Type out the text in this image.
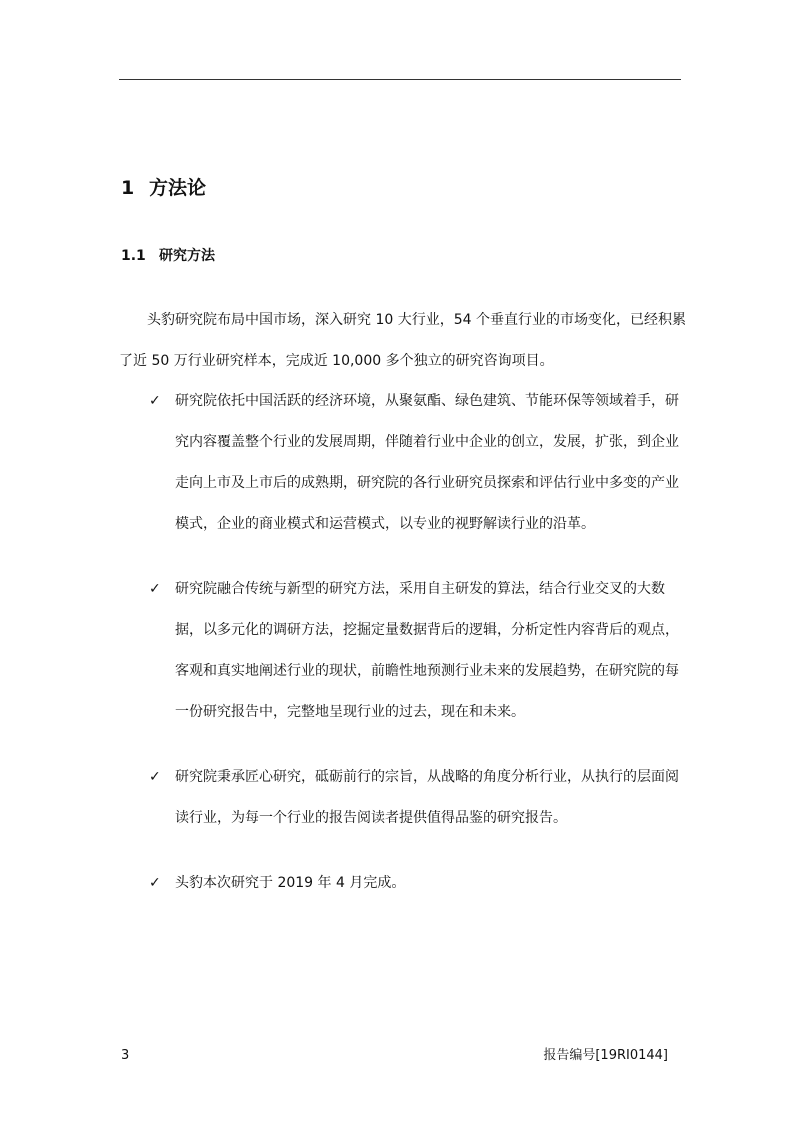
1 方法论
1.1 研究方法

头豹研究院布局中国市场，深入研究 10 大行业，54 个垂直行业的市场变化，已经积累了近 50 万行业研究样本，完成近 10,000 多个独立的研究咨询项目。

✓ 研究院依托中国活跃的经济环境，从聚氨酯、绿色建筑、节能环保等领域着手，研究内容覆盖整个行业的发展周期，伴随着行业中企业的创立，发展，扩张，到企业走向上市及上市后的成熟期，研究院的各行业研究员探索和评估行业中多变的产业模式，企业的商业模式和运营模式，以专业的视野解读行业的沿革。
✓ 研究院融合传统与新型的研究方法，采用自主研发的算法，结合行业交叉的大数据，以多元化的调研方法，挖掘定量数据背后的逻辑，分析定性内容背后的观点，客观和真实地阐述行业的现状，前瞻性地预测行业未来的发展趋势，在研究院的每一份研究报告中，完整地呈现行业的过去，现在和未来。
✓ 研究院秉承匠心研究，砥砺前行的宗旨，从战略的角度分析行业，从执行的层面阅读行业，为每一个行业的报告阅读者提供值得品鉴的研究报告。
✓ 头豹本次研究于 2019 年 4 月完成。
3	报告编号[19RI0144]
